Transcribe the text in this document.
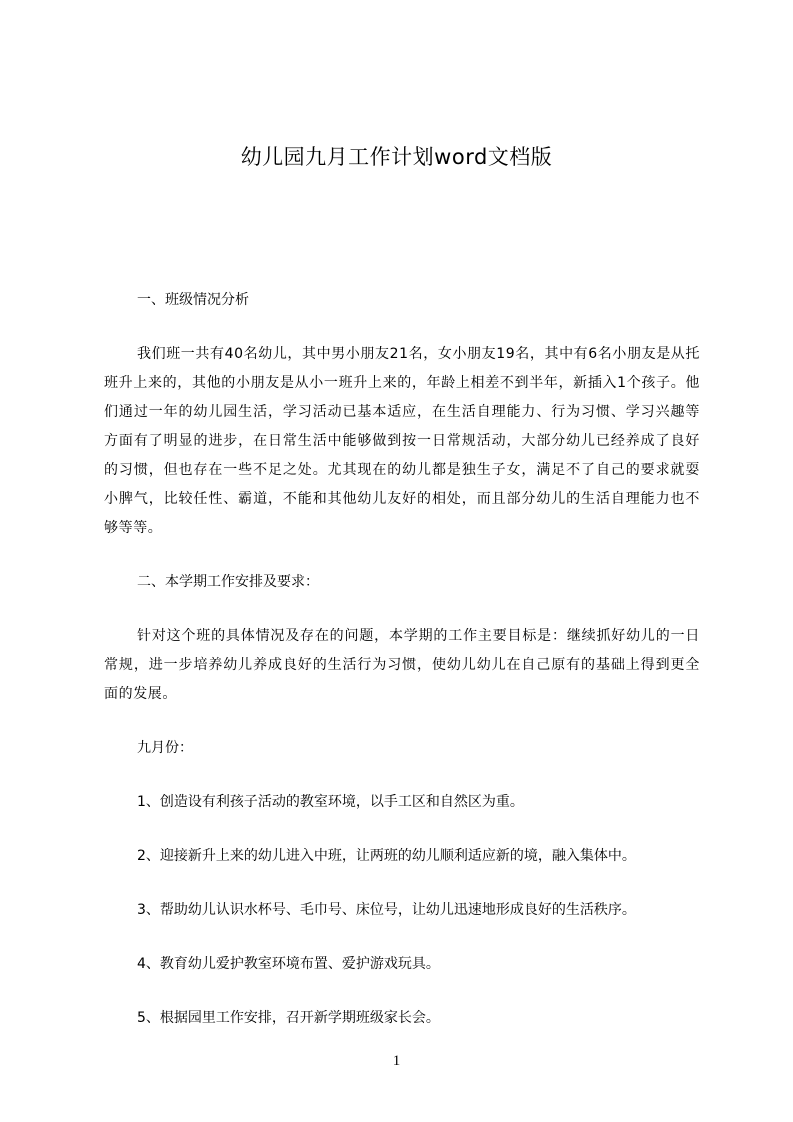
幼儿园九月工作计划word文档版

一、班级情况分析

我们班一共有40名幼儿，其中男小朋友21名，女小朋友19名，其中有6名小朋友是从托班升上来的，其他的小朋友是从小一班升上来的，年龄上相差不到半年，新插入1个孩子。他们通过一年的幼儿园生活，学习活动已基本适应，在生活自理能力、行为习惯、学习兴趣等方面有了明显的进步，在日常生活中能够做到按一日常规活动，大部分幼儿已经养成了良好的习惯，但也存在一些不足之处。尤其现在的幼儿都是独生子女，满足不了自己的要求就耍小脾气，比较任性、霸道，不能和其他幼儿友好的相处，而且部分幼儿的生活自理能力也不够等等。

二、本学期工作安排及要求：

针对这个班的具体情况及存在的问题，本学期的工作主要目标是：继续抓好幼儿的一日常规，进一步培养幼儿养成良好的生活行为习惯，使幼儿幼儿在自己原有的基础上得到更全面的发展。

九月份：

1、创造设有利孩子活动的教室环境，以手工区和自然区为重。

2、迎接新升上来的幼儿进入中班，让两班的幼儿顺利适应新的境，融入集体中。

3、帮助幼儿认识水杯号、毛巾号、床位号，让幼儿迅速地形成良好的生活秩序。

4、教育幼儿爱护教室环境布置、爱护游戏玩具。

5、根据园里工作安排，召开新学期班级家长会。

1
